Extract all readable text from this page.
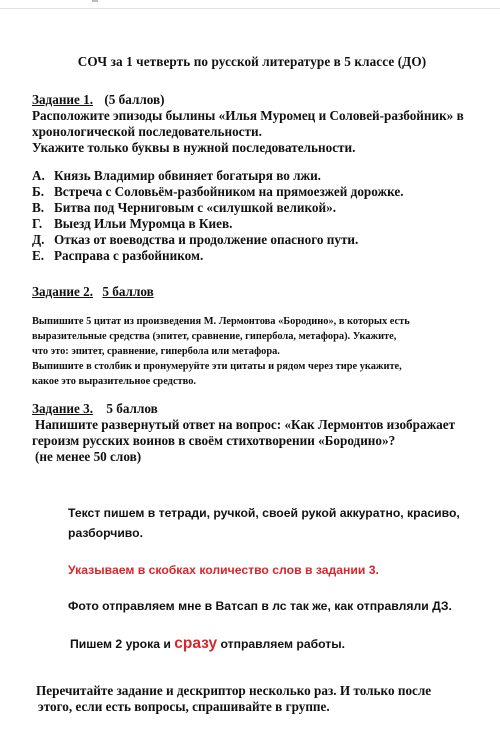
СОЧ за 1 четверть по русской литературе в 5 классе (ДО)

Задание 1. (5 баллов)

Расположите эпизоды былины «Илья Муромец и Соловей-разбойник» в

хронологической последовательности.

Укажите только буквы в нужной последовательности.

А. Князь Владимир обвиняет богатыря во лжи.
Б. Встреча с Соловьём-разбойником на прямоезжей дорожке.
В. Битва под Черниговым с «силушкой великой».
Г. Выезд Ильи Муромца в Киев.
Д. Отказ от воеводства и продолжение опасного пути.
Е. Расправа с разбойником.

Задание 2. 5 баллов

Выпишите 5 цитат из произведения М. Лермонтова «Бородино», в которых есть

выразительные средства (эпитет, сравнение, гипербола, метафора). Укажите,

что это: эпитет, сравнение, гипербола или метафора.

Выпишите в столбик и пронумеруйте эти цитаты и рядом через тире укажите,

какое это выразительное средство.

Задание 3. 5 баллов

Напишите развернутый ответ на вопрос: «Как Лермонтов изображает

героизм русских воинов в своём стихотворении «Бородино»?

(не менее 50 слов)

Текст пишем в тетради, ручкой, своей рукой аккуратно, красиво,
разборчиво.

Указываем в скобках количество слов в задании 3.

Фото отправляем мне в Ватсап в лс так же, как отправляли ДЗ.

Пишем 2 урока и сразу отправляем работы.

Перечитайте задание и дескриптор несколько раз. И только после

этого, если есть вопросы, спрашивайте в группе.
